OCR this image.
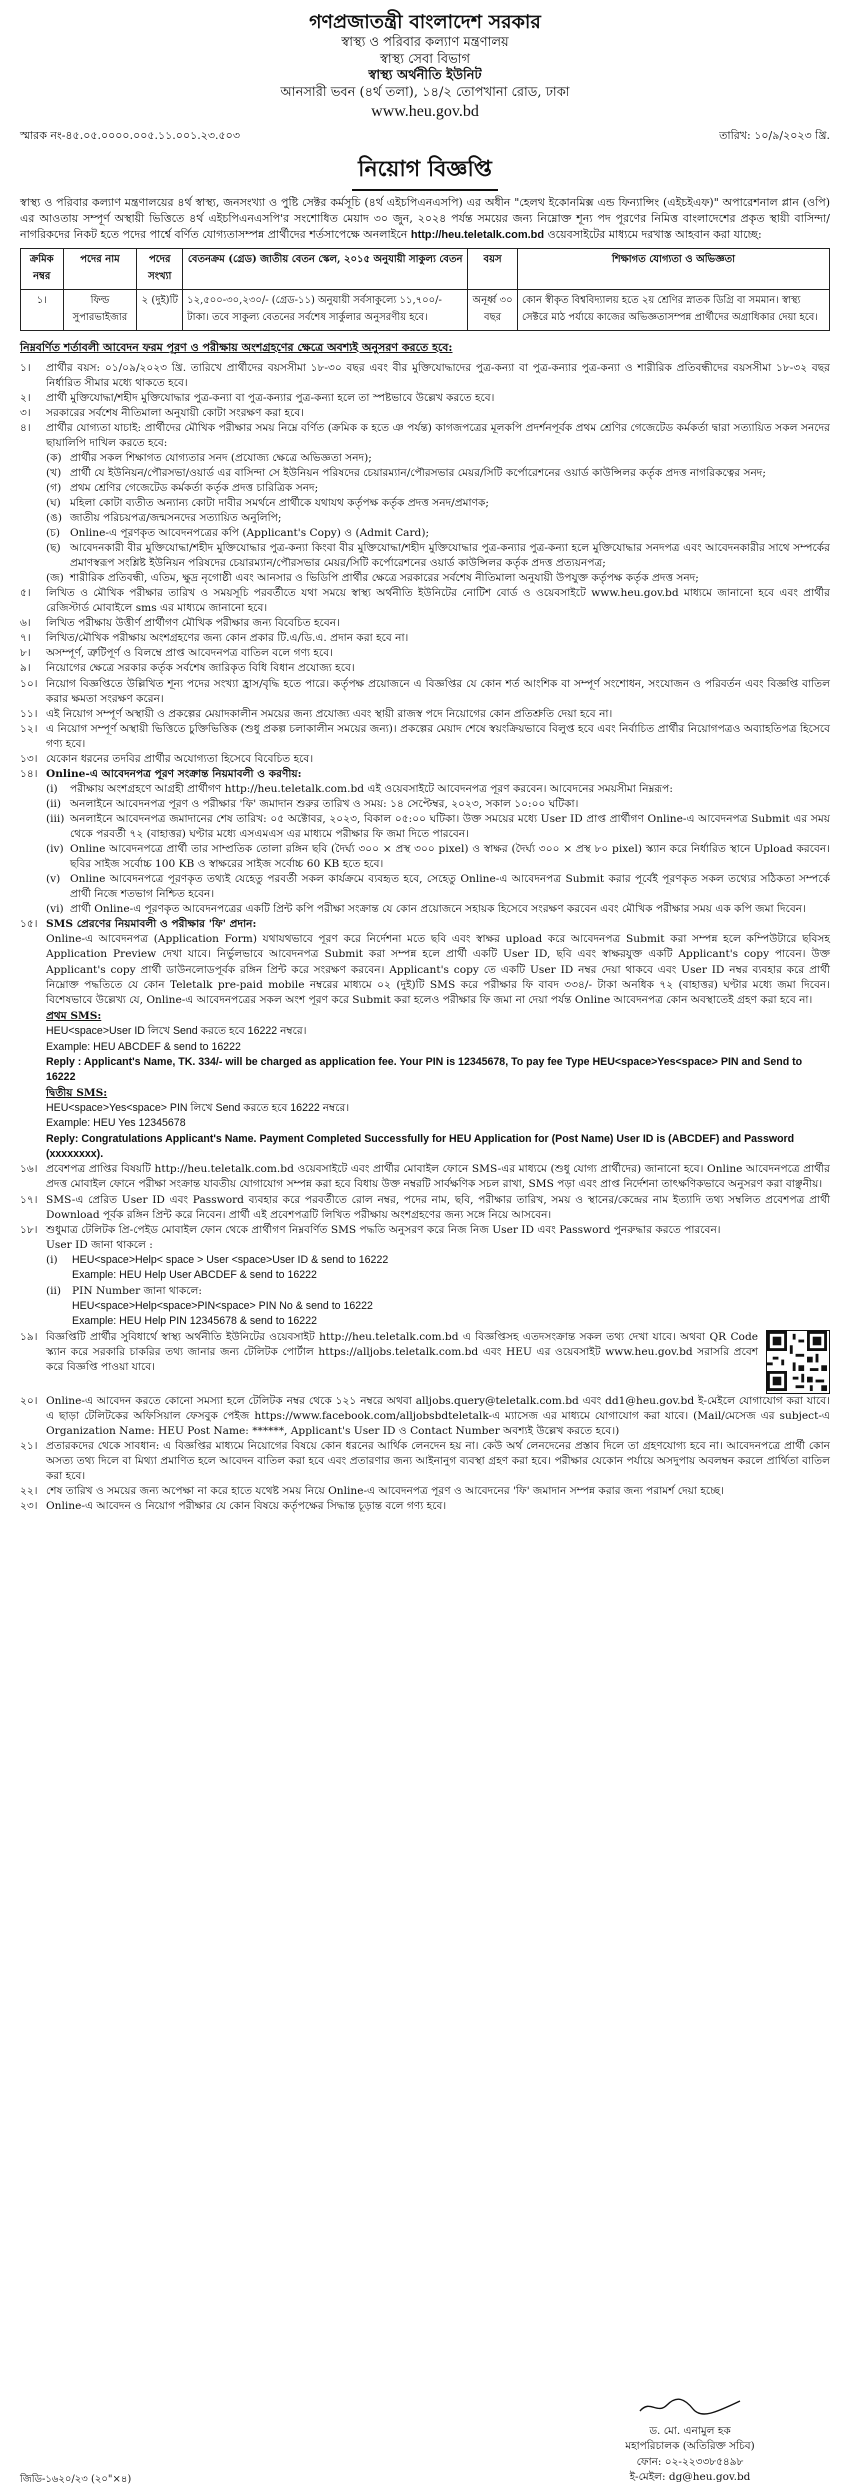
গণপ্রজাতন্ত্রী বাংলাদেশ সরকার
স্বাস্থ্য ও পরিবার কল্যাণ মন্ত্রণালয়
স্বাস্থ্য সেবা বিভাগ
স্বাস্থ্য অর্থনীতি ইউনিট
আনসারী ভবন (৪র্থ তলা), ১৪/২ তোপখানা রোড, ঢাকা
www.heu.gov.bd
স্মারক নং-৪৫.০৫.০০০০.০০৫.১১.০০১.২৩.৫০৩	তারিখ: ১০/৯/২০২৩ খ্রি.
নিয়োগ বিজ্ঞপ্তি
স্বাস্থ্য ও পরিবার কল্যাণ মন্ত্রণালয়ের ৪র্থ স্বাস্থ্য, জনসংখ্যা ও পুষ্টি সেক্টর কর্মসূচি (৪র্থ এইচপিএনএসপি) এর অধীন "হেলথ ইকোনমিক্স এন্ড ফিন্যান্সিং (এইচইএফ)" অপারেশনাল প্লান (ওপি) এর আওতায় সম্পূর্ণ অস্থায়ী ভিত্তিতে ৪র্থ এইচপিএনএসপি'র সংশোধিত মেয়াদ ৩০ জুন, ২০২৪ পর্যন্ত সময়ের জন্য নিম্নোক্ত শূন্য পদ পূরণের নিমিত্ত বাংলাদেশের প্রকৃত স্থায়ী বাসিন্দা/নাগরিকদের নিকট হতে পদের পার্শ্বে বর্ণিত যোগ্যতাসম্পন্ন প্রার্থীদের শর্তসাপেক্ষে অনলাইনে http://heu.teletalk.com.bd ওয়েবসাইটের মাধ্যমে দরখাস্ত আহবান করা যাচ্ছে:
ক্রমিক নম্বর	পদের নাম	পদের সংখ্যা	বেতনক্রম (গ্রেড) জাতীয় বেতন স্কেল, ২০১৫ অনুযায়ী সাকুল্য বেতন	বয়স	শিক্ষাগত যোগ্যতা ও অভিজ্ঞতা
১।	ফিল্ড সুপারভাইজার	২ (দুই)টি	১২,৫০০-৩০,২৩০/- (গ্রেড-১১) অনুযায়ী সর্বসাকুল্যে ১১,৭০০/- টাকা। তবে সাকুল্য বেতনের সর্বশেষ সার্কুলার অনুসরণীয় হবে।	অনূর্ধ্ব ৩০ বছর	কোন স্বীকৃত বিশ্ববিদ্যালয় হতে ২য় শ্রেণির স্নাতক ডিগ্রি বা সমমান। স্বাস্থ্য সেক্টরে মাঠ পর্যায়ে কাজের অভিজ্ঞতাসম্পন্ন প্রার্থীদের অগ্রাধিকার দেয়া হবে।
নিম্নবর্ণিত শর্তাবলী আবেদন ফরম পূরণ ও পরীক্ষায় অংশগ্রহণের ক্ষেত্রে অবশ্যই অনুসরণ করতে হবে:
১।	প্রার্থীর বয়স: ০১/০৯/২০২৩ খ্রি. তারিখে প্রার্থীদের বয়সসীমা ১৮-৩০ বছর এবং বীর মুক্তিযোদ্ধাদের পুত্র-কন্যা বা পুত্র-কন্যার পুত্র-কন্যা ও শারীরিক প্রতিবন্ধীদের বয়সসীমা ১৮-৩২ বছর নির্ধারিত সীমার মধ্যে থাকতে হবে।
২।	প্রার্থী মুক্তিযোদ্ধা/শহীদ মুক্তিযোদ্ধার পুত্র-কন্যা বা পুত্র-কন্যার পুত্র-কন্যা হলে তা স্পষ্টভাবে উল্লেখ করতে হবে।
৩।	সরকারের সর্বশেষ নীতিমালা অনুযায়ী কোটা সংরক্ষণ করা হবে।
৪।	প্রার্থীর যোগ্যতা যাচাই: প্রার্থীদের মৌখিক পরীক্ষার সময় নিম্নে বর্ণিত (ক্রমিক ক হতে ঞ পর্যন্ত) কাগজপত্রের মূলকপি প্রদর্শনপূর্বক প্রথম শ্রেণির গেজেটেড কর্মকর্তা দ্বারা সত্যায়িত সকল সনদের ছায়ালিপি দাখিল করতে হবে:
(ক) প্রার্থীর সকল শিক্ষাগত যোগ্যতার সনদ (প্রযোজ্য ক্ষেত্রে অভিজ্ঞতা সনদ);
(খ) প্রার্থী যে ইউনিয়ন/পৌরসভা/ওয়ার্ড এর বাসিন্দা সে ইউনিয়ন পরিষদের চেয়ারম্যান/পৌরসভার মেয়র/সিটি কর্পোরেশনের ওয়ার্ড কাউন্সিলর কর্তৃক প্রদত্ত নাগরিকত্বের সনদ;
(গ) প্রথম শ্রেণির গেজেটেড কর্মকর্তা কর্তৃক প্রদত্ত চারিত্রিক সনদ;
(ঘ) মহিলা কোটা ব্যতীত অন্যান্য কোটা দাবীর সমর্থনে প্রার্থীকে যথাযথ কর্তৃপক্ষ কর্তৃক প্রদত্ত সনদ/প্রমাণক;
(ঙ) জাতীয় পরিচয়পত্র/জন্মসনদের সত্যায়িত অনুলিপি;
(চ) Online-এ পূরণকৃত আবেদনপত্রের কপি (Applicant's Copy) ও (Admit Card);
(ছ) আবেদনকারী বীর মুক্তিযোদ্ধা/শহীদ মুক্তিযোদ্ধার পুত্র-কন্যা কিংবা বীর মুক্তিযোদ্ধা/শহীদ মুক্তিযোদ্ধার পুত্র-কন্যার পুত্র-কন্যা হলে মুক্তিযোদ্ধার সনদপত্র এবং আবেদনকারীর সাথে সম্পর্কের প্রমাণস্বরূপ সংশ্লিষ্ট ইউনিয়ন পরিষদের চেয়ারম্যান/পৌরসভার মেয়র/সিটি কর্পোরেশনের ওয়ার্ড কাউন্সিলর কর্তৃক প্রদত্ত প্রত্যয়নপত্র;
(জ) শারীরিক প্রতিবন্ধী, এতিম, ক্ষুদ্র নৃগোষ্ঠী এবং আনসার ও ভিডিপি প্রার্থীর ক্ষেত্রে সরকারের সর্বশেষ নীতিমালা অনুযায়ী উপযুক্ত কর্তৃপক্ষ কর্তৃক প্রদত্ত সনদ;
৫।	লিখিত ও মৌখিক পরীক্ষার তারিখ ও সময়সূচি পরবর্তীতে যথা সময়ে স্বাস্থ্য অর্থনীতি ইউনিটের নোটিশ বোর্ড ও ওয়েবসাইটে www.heu.gov.bd মাধ্যমে জানানো হবে এবং প্রার্থীর রেজিস্টার্ড মোবাইলে sms এর মাধ্যমে জানানো হবে।
৬।	লিখিত পরীক্ষায় উত্তীর্ণ প্রার্থীগণ মৌখিক পরীক্ষার জন্য বিবেচিত হবেন।
৭।	লিখিত/মৌখিক পরীক্ষায় অংশগ্রহণের জন্য কোন প্রকার টি.এ/ডি.এ. প্রদান করা হবে না।
৮।	অসম্পূর্ণ, ত্রুটিপূর্ণ ও বিলম্বে প্রাপ্ত আবেদনপত্র বাতিল বলে গণ্য হবে।
৯।	নিয়োগের ক্ষেত্রে সরকার কর্তৃক সর্বশেষ জারিকৃত বিধি বিধান প্রযোজ্য হবে।
১০। নিয়োগ বিজ্ঞপ্তিতে উল্লিখিত শূন্য পদের সংখ্যা হ্রাস/বৃদ্ধি হতে পারে। কর্তৃপক্ষ প্রয়োজনে এ বিজ্ঞপ্তির যে কোন শর্ত আংশিক বা সম্পূর্ণ সংশোধন, সংযোজন ও পরিবর্তন এবং বিজ্ঞপ্তি বাতিল করার ক্ষমতা সংরক্ষণ করেন।
১১। এই নিয়োগ সম্পূর্ণ অস্থায়ী ও প্রকল্পের মেয়াদকালীন সময়ের জন্য প্রযোজ্য এবং স্থায়ী রাজস্ব পদে নিয়োগের কোন প্রতিশ্রুতি দেয়া হবে না।
১২। এ নিয়োগ সম্পূর্ণ অস্থায়ী ভিত্তিতে চুক্তিভিত্তিক (শুধু প্রকল্প চলাকালীন সময়ের জন্য)। প্রকল্পের মেয়াদ শেষে স্বয়ংক্রিয়ভাবে বিলুপ্ত হবে এবং নির্বাচিত প্রার্থীর নিয়োগপত্রও অব্যাহতিপত্র হিসেবে গণ্য হবে।
১৩। যেকোন ধরনের তদবির প্রার্থীর অযোগ্যতা হিসেবে বিবেচিত হবে।
১৪। Online-এ আবেদনপত্র পূরণ সংক্রান্ত নিয়মাবলী ও করণীয়:
(i)	পরীক্ষায় অংশগ্রহণে আগ্রহী প্রার্থীগণ http://heu.teletalk.com.bd এই ওয়েবসাইটে আবেদনপত্র পূরণ করবেন। আবেদনের সময়সীমা নিম্নরূপ:
(ii) অনলাইনে আবেদনপত্র পূরণ ও পরীক্ষার 'ফি' জমাদান শুরুর তারিখ ও সময়: ১৪ সেপ্টেম্বর, ২০২৩, সকাল ১০:০০ ঘটিকা।
(iii) অনলাইনে আবেদনপত্র জমাদানের শেষ তারিখ: ০৫ অক্টোবর, ২০২৩, বিকাল ০৫:০০ ঘটিকা। উক্ত সময়ের মধ্যে User ID প্রাপ্ত প্রার্থীগণ Online-এ আবেদনপত্র Submit এর সময় থেকে পরবর্তী ৭২ (বাহাত্তর) ঘণ্টার মধ্যে এসএমএস এর মাধ্যমে পরীক্ষার ফি জমা দিতে পারবেন।
(iv) Online আবেদনপত্রে প্রার্থী তার সাম্প্রতিক তোলা রঙ্গিন ছবি (দৈর্ঘ্য ৩০০ × প্রস্থ ৩০০ pixel) ও স্বাক্ষর (দৈর্ঘ্য ৩০০ × প্রস্থ ৮০ pixel) স্ক্যান করে নির্ধারিত স্থানে Upload করবেন। ছবির সাইজ সর্বোচ্চ 100 KB ও স্বাক্ষরের সাইজ সর্বোচ্চ 60 KB হতে হবে।
(v) Online আবেদনপত্রে পূরণকৃত তথ্যই যেহেতু পরবর্তী সকল কার্যক্রমে ব্যবহৃত হবে, সেহেতু Online-এ আবেদনপত্র Submit করার পূর্বেই পূরণকৃত সকল তথ্যের সঠিকতা সম্পর্কে প্রার্থী নিজে শতভাগ নিশ্চিত হবেন।
(vi) প্রার্থী Online-এ পূরণকৃত আবেদনপত্রের একটি প্রিন্ট কপি পরীক্ষা সংক্রান্ত যে কোন প্রয়োজনে সহায়ক হিসেবে সংরক্ষণ করবেন এবং মৌখিক পরীক্ষার সময় এক কপি জমা দিবেন।
১৫। SMS প্রেরণের নিয়মাবলী ও পরীক্ষার 'ফি' প্রদান:
Online-এ আবেদনপত্র (Application Form) যথাযথভাবে পূরণ করে নির্দেশনা মতে ছবি এবং স্বাক্ষর upload করে আবেদনপত্র Submit করা সম্পন্ন হলে কম্পিউটারে ছবিসহ Application Preview দেখা যাবে। নির্ভুলভাবে আবেদনপত্র Submit করা সম্পন্ন হলে প্রার্থী একটি User ID, ছবি এবং স্বাক্ষরযুক্ত একটি Applicant's copy পাবেন। উক্ত Applicant's copy প্রার্থী ডাউনলোডপূর্বক রঙ্গিন প্রিন্ট করে সংরক্ষণ করবেন। Applicant's copy তে একটি User ID নম্বর দেয়া থাকবে এবং User ID নম্বর ব্যবহার করে প্রার্থী নিম্নোক্ত পদ্ধতিতে যে কোন Teletalk pre-paid mobile নম্বরের মাধ্যমে ০২ (দুই)টি SMS করে পরীক্ষার ফি বাবদ ৩৩৪/- টাকা অনধিক ৭২ (বাহাত্তর) ঘণ্টার মধ্যে জমা দিবেন। বিশেষভাবে উল্লেখ্য যে, Online-এ আবেদনপত্রের সকল অংশ পূরণ করে Submit করা হলেও পরীক্ষার ফি জমা না দেয়া পর্যন্ত Online আবেদনপত্র কোন অবস্থাতেই গ্রহণ করা হবে না।
প্রথম SMS:
HEU<space>User ID লিখে Send করতে হবে 16222 নম্বরে।
Example: HEU ABCDEF & send to 16222
Reply : Applicant's Name, TK. 334/- will be charged as application fee. Your PIN is 12345678, To pay fee Type HEU<space>Yes<space> PIN and Send to 16222
দ্বিতীয় SMS:
HEU<space>Yes<space> PIN লিখে Send করতে হবে 16222 নম্বরে।
Example: HEU Yes 12345678
Reply: Congratulations Applicant's Name. Payment Completed Successfully for HEU Application for (Post Name) User ID is (ABCDEF) and Password (xxxxxxxx).
১৬। প্রবেশপত্র প্রাপ্তির বিষয়টি http://heu.teletalk.com.bd ওয়েবসাইটে এবং প্রার্থীর মোবাইল ফোনে SMS-এর মাধ্যমে (শুধু যোগ্য প্রার্থীদের) জানানো হবে। Online আবেদনপত্রে প্রার্থীর প্রদত্ত মোবাইল ফোনে পরীক্ষা সংক্রান্ত যাবতীয় যোগাযোগ সম্পন্ন করা হবে বিধায় উক্ত নম্বরটি সার্বক্ষণিক সচল রাখা, SMS পড়া এবং প্রাপ্ত নির্দেশনা তাৎক্ষণিকভাবে অনুসরণ করা বাঞ্ছনীয়।
১৭। SMS-এ প্রেরিত User ID এবং Password ব্যবহার করে পরবর্তীতে রোল নম্বর, পদের নাম, ছবি, পরীক্ষার তারিখ, সময় ও স্থানের/কেন্দ্রের নাম ইত্যাদি তথ্য সম্বলিত প্রবেশপত্র প্রার্থী Download পূর্বক রঙ্গিন প্রিন্ট করে নিবেন। প্রার্থী এই প্রবেশপত্রটি লিখিত পরীক্ষায় অংশগ্রহণের জন্য সঙ্গে নিয়ে আসবেন।
১৮। শুধুমাত্র টেলিটক প্রি-পেইড মোবাইল ফোন থেকে প্রার্থীগণ নিম্নবর্ণিত SMS পদ্ধতি অনুসরণ করে নিজ নিজ User ID এবং Password পুনরুদ্ধার করতে পারবেন।
User ID জানা থাকলে :
(i)	HEU<space>Help< space > User <space>User ID & send to 16222
Example: HEU Help User ABCDEF & send to 16222
(ii)	PIN Number জানা থাকলে:
HEU<space>Help<space>PIN<space> PIN No & send to 16222
Example: HEU Help PIN 12345678 & send to 16222
১৯। বিজ্ঞপ্তিটি প্রার্থীর সুবিধার্থে স্বাস্থ্য অর্থনীতি ইউনিটের ওয়েবসাইট http://heu.teletalk.com.bd এ বিজ্ঞপ্তিসহ এতদসংক্রান্ত সকল তথ্য দেখা যাবে। অথবা QR Code স্ক্যান করে সরকারি চাকরির তথ্য জানার জন্য টেলিটক পোর্টাল https://alljobs.teletalk.com.bd এবং HEU এর ওয়েবসাইট www.heu.gov.bd সরাসরি প্রবেশ করে বিজ্ঞপ্তি পাওয়া যাবে।
২০। Online-এ আবেদন করতে কোনো সমস্যা হলে টেলিটক নম্বর থেকে ১২১ নম্বরে অথবা alljobs.query@teletalk.com.bd এবং dd1@heu.gov.bd ই-মেইলে যোগাযোগ করা যাবে। এ ছাড়া টেলিটকের অফিসিয়াল ফেসবুক পেইজ https://www.facebook.com/alljobsbdteletalk-এ ম্যাসেজ এর মাধ্যমে যোগাযোগ করা যাবে। (Mail/মেসেজ এর subject-এ Organization Name: HEU Post Name: ******, Applicant's User ID ও Contact Number অবশ্যই উল্লেখ করতে হবে।)
২১। প্রতারকদের থেকে সাবধান: এ বিজ্ঞপ্তির মাধ্যমে নিয়োগের বিষয়ে কোন ধরনের আর্থিক লেনদেন হয় না। কেউ অর্থ লেনদেনের প্রস্তাব দিলে তা গ্রহণযোগ্য হবে না। আবেদনপত্রে প্রার্থী কোন অসত্য তথ্য দিলে বা মিথ্যা প্রমাণিত হলে আবেদন বাতিল করা হবে এবং প্রতারণার জন্য আইনানুগ ব্যবস্থা গ্রহণ করা হবে। পরীক্ষার যেকোন পর্যায়ে অসদুপায় অবলম্বন করলে প্রার্থিতা বাতিল করা হবে।
২২। শেষ তারিখ ও সময়ের জন্য অপেক্ষা না করে হাতে যথেষ্ট সময় নিয়ে Online-এ আবেদনপত্র পূরণ ও আবেদনের 'ফি' জমাদান সম্পন্ন করার জন্য পরামর্শ দেয়া হচ্ছে।
২৩। Online-এ আবেদন ও নিয়োগ পরীক্ষার যে কোন বিষয়ে কর্তৃপক্ষের সিদ্ধান্ত চূড়ান্ত বলে গণ্য হবে।
ড. মো. এনামুল হক
মহাপরিচালক (অতিরিক্ত সচিব)
ফোন: ০২-২২৩৩৮৫৪৯৮
ই-মেইল: dg@heu.gov.bd
জিডি-১৬২০/২৩ (২০"×৪)
